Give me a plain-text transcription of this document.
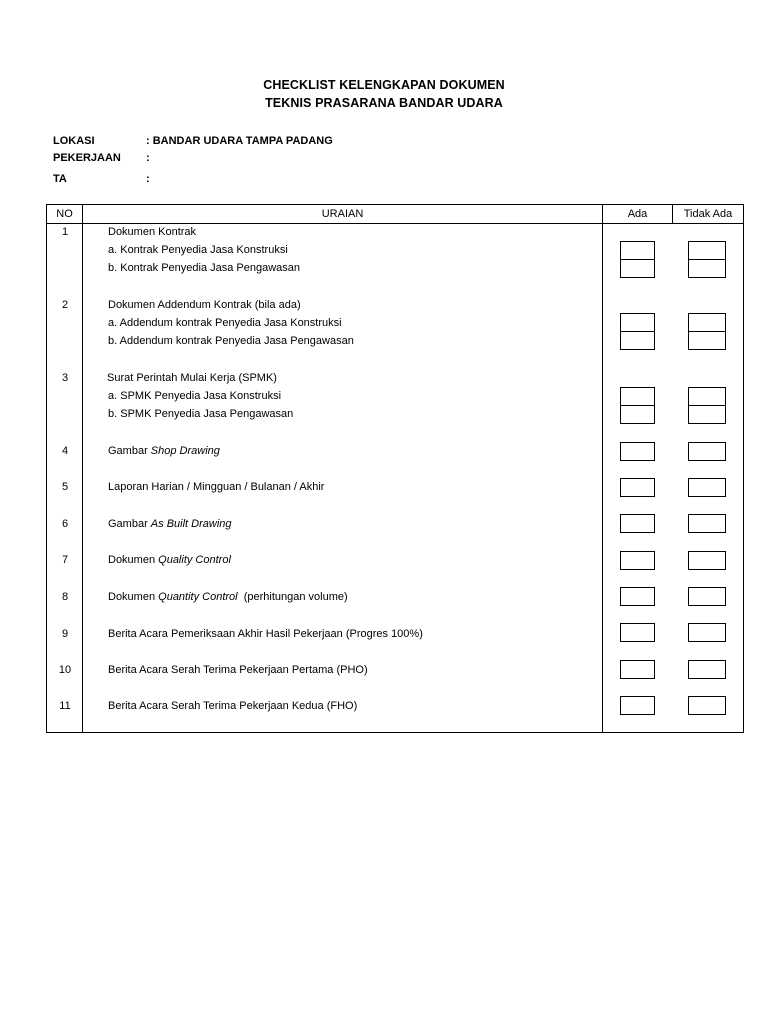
CHECKLIST KELENGKAPAN DOKUMEN
TEKNIS PRASARANA BANDAR UDARA
LOKASI	: BANDAR UDARA TAMPA PADANG
PEKERJAAN :
TA	:
NO	URAIAN	Ada	Tidak Ada
1	Dokumen Kontrak
a. Kontrak Penyedia Jasa Konstruksi
b. Kontrak Penyedia Jasa Pengawasan
2	Dokumen Addendum Kontrak (bila ada)
a. Addendum kontrak Penyedia Jasa Konstruksi
b. Addendum kontrak Penyedia Jasa Pengawasan
3	Surat Perintah Mulai Kerja (SPMK)
a. SPMK Penyedia Jasa Konstruksi
b. SPMK Penyedia Jasa Pengawasan
4	Gambar Shop Drawing
5	Laporan Harian / Mingguan / Bulanan / Akhir
6	Gambar As Built Drawing
7	Dokumen Quality Control
8	Dokumen Quantity Control  (perhitungan volume)
9	Berita Acara Pemeriksaan Akhir Hasil Pekerjaan (Progres 100%)
10	Berita Acara Serah Terima Pekerjaan Pertama (PHO)
11	Berita Acara Serah Terima Pekerjaan Kedua (FHO)
